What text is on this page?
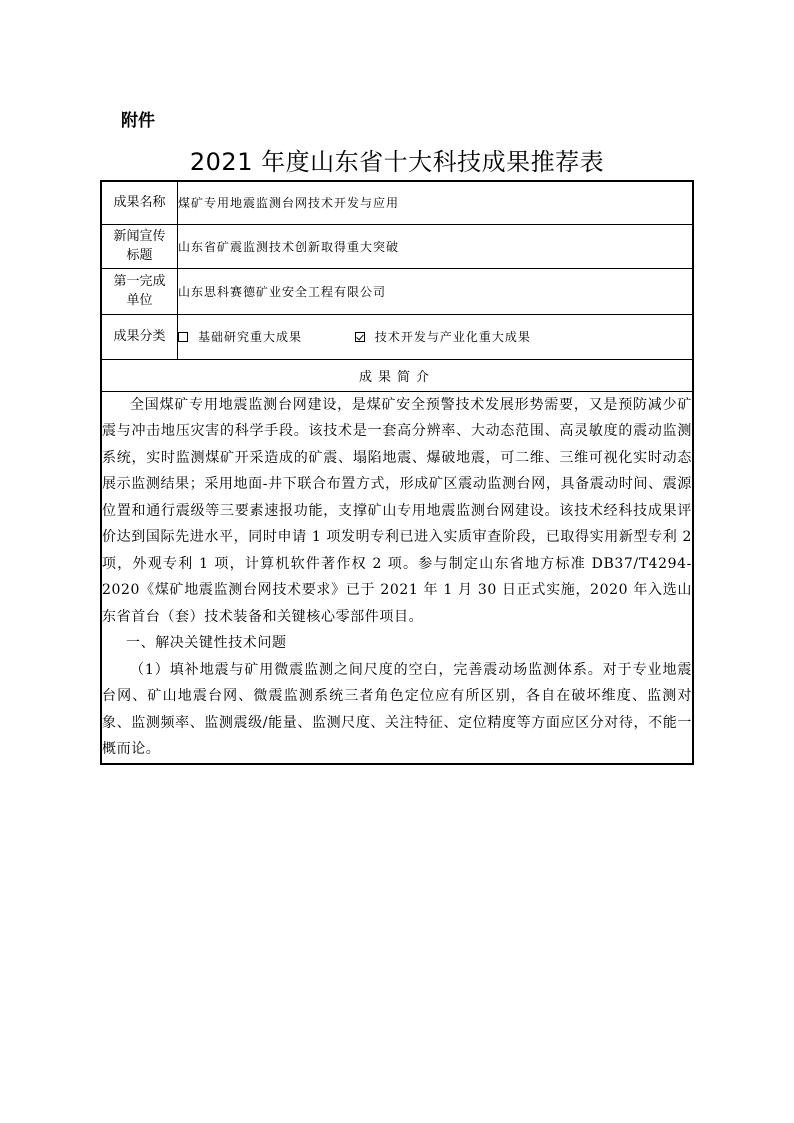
附件
2021 年度山东省十大科技成果推荐表
成果名称	煤矿专用地震监测台网技术开发与应用
新闻宣传
标题	山东省矿震监测技术创新取得重大突破
第一完成
单位	山东思科赛德矿业安全工程有限公司
成果分类	基础研究重大成果
技术开发与产业化重大成果

成果简介	

全国煤矿专用地震监测台网建设，是煤矿安全预警技术发展形势需要，又是预防减少矿震与冲击地压灾害的科学手段。该技术是一套高分辨率、大动态范围、高灵敏度的震动监测系统，实时监测煤矿开采造成的矿震、塌陷地震、爆破地震，可二维、三维可视化实时动态展示监测结果；采用地面-井下联合布置方式，形成矿区震动监测台网，具备震动时间、震源位置和通行震级等三要素速报功能，支撑矿山专用地震监测台网建设。该技术经科技成果评价达到国际先进水平，同时申请 1 项发明专利已进入实质审查阶段，已取得实用新型专利 2 项，外观专利 1 项，计算机软件著作权 2 项。参与制定山东省地方标准 DB37/T4294-2020《煤矿地震监测台网技术要求》已于 2021 年 1 月 30 日正式实施，2020 年入选山东省首台（套）技术装备和关键核心零部件项目。

一、解决关键性技术问题

（1）填补地震与矿用微震监测之间尺度的空白，完善震动场监测体系。对于专业地震台网、矿山地震台网、微震监测系统三者角色定位应有所区别，各自在破坏维度、监测对象、监测频率、监测震级/能量、监测尺度、关注特征、定位精度等方面应区分对待，不能一概而论。	
